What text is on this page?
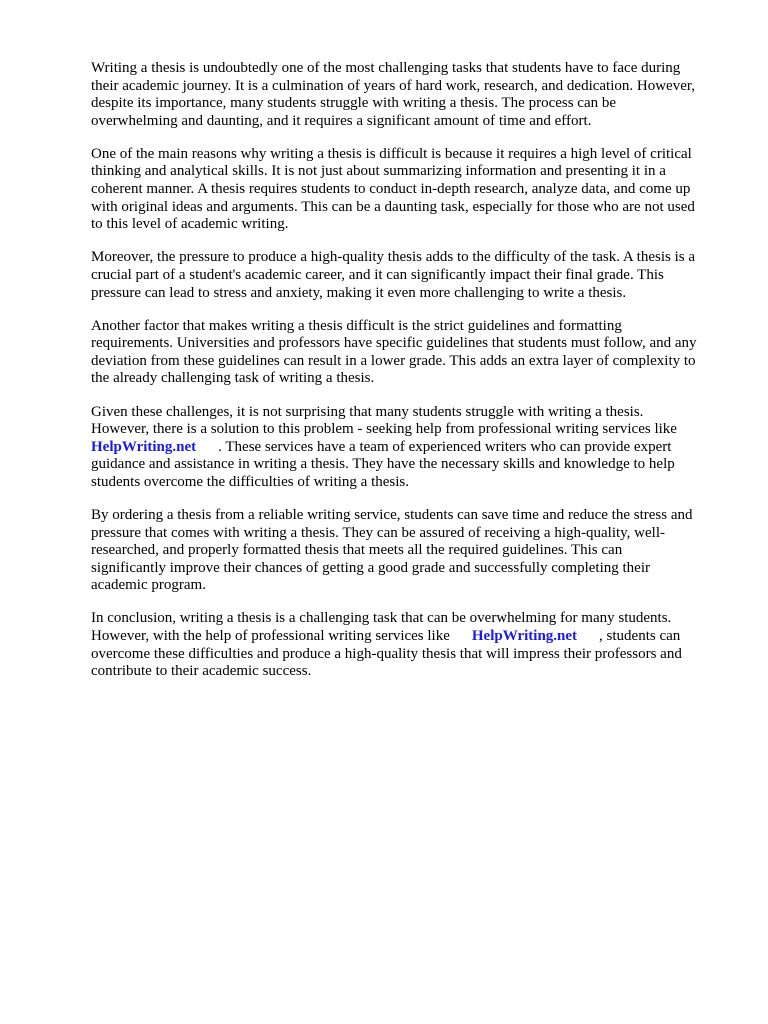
Writing a thesis is undoubtedly one of the most challenging tasks that students have to face during
their academic journey. It is a culmination of years of hard work, research, and dedication. However,
despite its importance, many students struggle with writing a thesis. The process can be
overwhelming and daunting, and it requires a significant amount of time and effort.

One of the main reasons why writing a thesis is difficult is because it requires a high level of critical
thinking and analytical skills. It is not just about summarizing information and presenting it in a
coherent manner. A thesis requires students to conduct in-depth research, analyze data, and come up
with original ideas and arguments. This can be a daunting task, especially for those who are not used
to this level of academic writing.

Moreover, the pressure to produce a high-quality thesis adds to the difficulty of the task. A thesis is a
crucial part of a student's academic career, and it can significantly impact their final grade. This
pressure can lead to stress and anxiety, making it even more challenging to write a thesis.

Another factor that makes writing a thesis difficult is the strict guidelines and formatting
requirements. Universities and professors have specific guidelines that students must follow, and any
deviation from these guidelines can result in a lower grade. This adds an extra layer of complexity to
the already challenging task of writing a thesis.

Given these challenges, it is not surprising that many students struggle with writing a thesis.
However, there is a solution to this problem - seeking help from professional writing services like
HelpWriting.net . These services have a team of experienced writers who can provide expert
guidance and assistance in writing a thesis. They have the necessary skills and knowledge to help
students overcome the difficulties of writing a thesis.

By ordering a thesis from a reliable writing service, students can save time and reduce the stress and
pressure that comes with writing a thesis. They can be assured of receiving a high-quality, well-
researched, and properly formatted thesis that meets all the required guidelines. This can
significantly improve their chances of getting a good grade and successfully completing their
academic program.

In conclusion, writing a thesis is a challenging task that can be overwhelming for many students.
However, with the help of professional writing services like HelpWriting.net , students can
overcome these difficulties and produce a high-quality thesis that will impress their professors and
contribute to their academic success.
